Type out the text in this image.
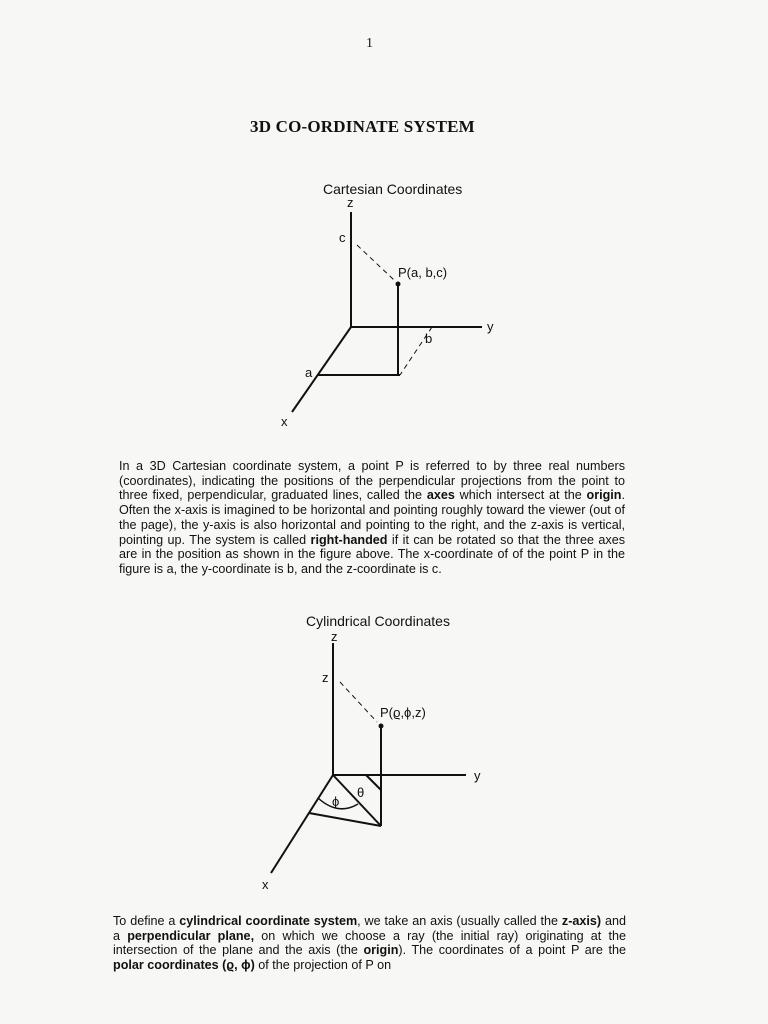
1
3D CO-ORDINATE SYSTEM
Cartesian Coordinates
z
c
P(a, b,c)
y
b
a
x
In a 3D Cartesian coordinate system, a point P is referred to by three real numbers (coordinates), indicating the positions of the perpendicular projections from the point to three fixed, perpendicular, graduated lines, called the axes which intersect at the origin. Often the x-axis is imagined to be horizontal and pointing roughly toward the viewer (out of the page), the y-axis is also horizontal and pointing to the right, and the z-axis is vertical, pointing up. The system is called right-handed if it can be rotated so that the three axes are in the position as shown in the figure above. The x-coordinate of of the point P in the figure is a, the y-coordinate is b, and the z-coordinate is c.
Cylindrical Coordinates
z
z
P(ϱ,ϕ,z)
y
ϕ
θ
x
To define a cylindrical coordinate system, we take an axis (usually called the z-axis) and a perpendicular plane, on which we choose a ray (the initial ray) originating at the intersection of the plane and the axis (the origin). The coordinates of a point P are the polar coordinates (ϱ, ϕ) of the projection of P on
